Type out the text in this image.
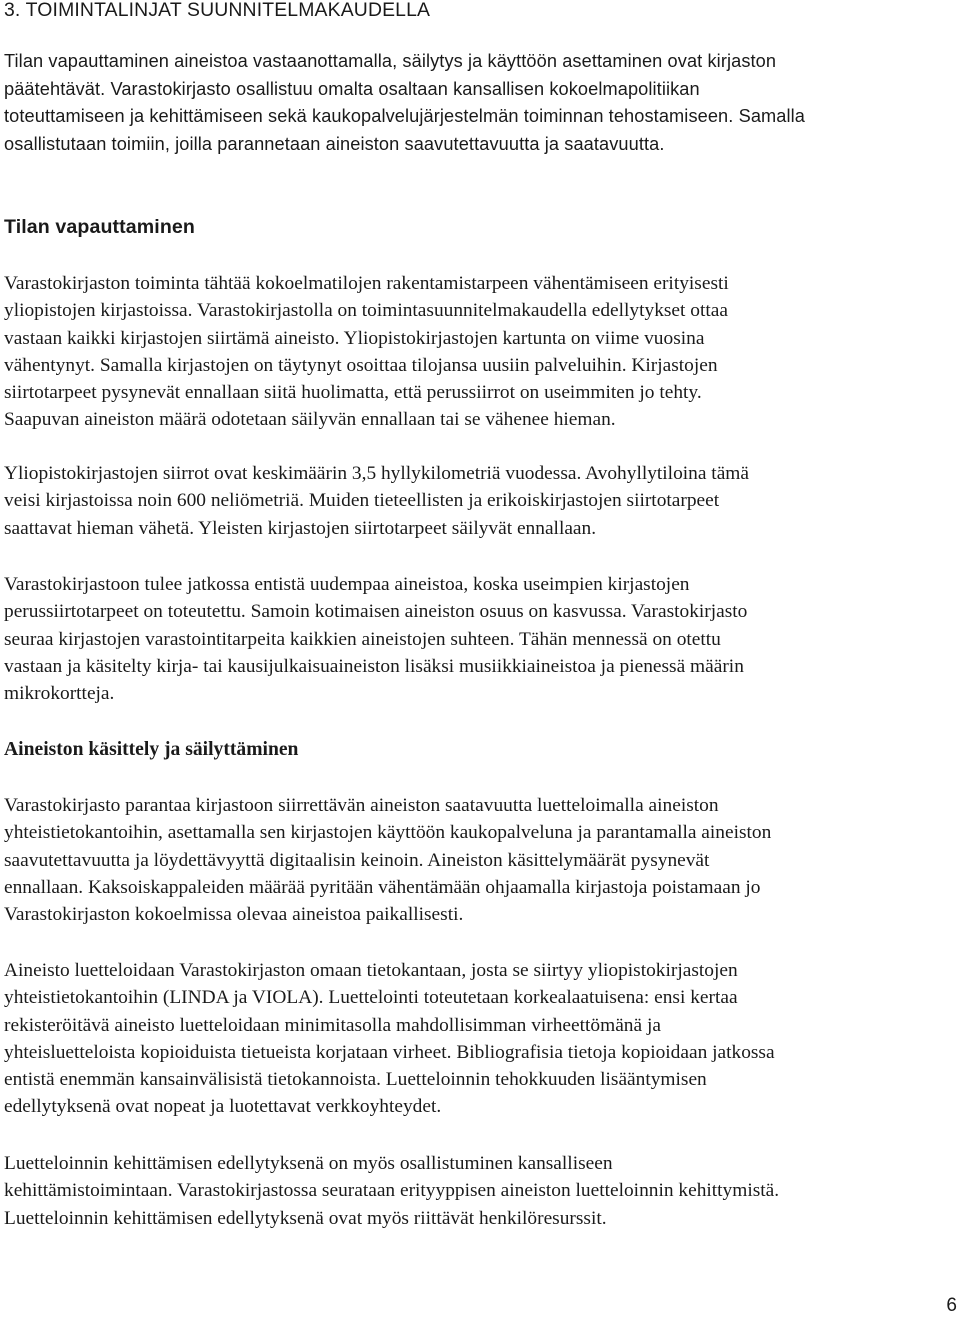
3. TOIMINTALINJAT SUUNNITELMAKAUDELLA

Tilan vapauttaminen aineistoa vastaanottamalla, säilytys ja käyttöön asettaminen ovat kirjaston
päätehtävät. Varastokirjasto osallistuu omalta osaltaan kansallisen kokoelmapolitiikan
toteuttamiseen ja kehittämiseen sekä kaukopalvelujärjestelmän toiminnan tehostamiseen. Samalla
osallistutaan toimiin, joilla parannetaan aineiston saavutettavuutta ja saatavuutta.

Tilan vapauttaminen

Varastokirjaston toiminta tähtää kokoelmatilojen rakentamistarpeen vähentämiseen erityisesti
yliopistojen kirjastoissa. Varastokirjastolla on toimintasuunnitelmakaudella edellytykset ottaa
vastaan kaikki kirjastojen siirtämä aineisto. Yliopistokirjastojen kartunta on viime vuosina
vähentynyt. Samalla kirjastojen on täytynyt osoittaa tilojansa uusiin palveluihin. Kirjastojen
siirtotarpeet pysynevät ennallaan siitä huolimatta, että perussiirrot on useimmiten jo tehty.
Saapuvan aineiston määrä odotetaan säilyvän ennallaan tai se vähenee hieman.

Yliopistokirjastojen siirrot ovat keskimäärin 3,5 hyllykilometriä vuodessa. Avohyllytiloina tämä
veisi kirjastoissa noin 600 neliömetriä. Muiden tieteellisten ja erikoiskirjastojen siirtotarpeet
saattavat hieman vähetä. Yleisten kirjastojen siirtotarpeet säilyvät ennallaan.

Varastokirjastoon tulee jatkossa entistä uudempaa aineistoa, koska useimpien kirjastojen
perussiirtotarpeet on toteutettu. Samoin kotimaisen aineiston osuus on kasvussa. Varastokirjasto
seuraa kirjastojen varastointitarpeita kaikkien aineistojen suhteen. Tähän mennessä on otettu
vastaan ja käsitelty kirja- tai kausijulkaisuaineiston lisäksi musiikkiaineistoa ja pienessä määrin
mikrokortteja.

Aineiston käsittely ja säilyttäminen

Varastokirjasto parantaa kirjastoon siirrettävän aineiston saatavuutta luetteloimalla aineiston
yhteistietokantoihin, asettamalla sen kirjastojen käyttöön kaukopalveluna ja parantamalla aineiston
saavutettavuutta ja löydettävyyttä digitaalisin keinoin. Aineiston käsittelymäärät pysynevät
ennallaan. Kaksoiskappaleiden määrää pyritään vähentämään ohjaamalla kirjastoja poistamaan jo
Varastokirjaston kokoelmissa olevaa aineistoa paikallisesti.

Aineisto luetteloidaan Varastokirjaston omaan tietokantaan, josta se siirtyy yliopistokirjastojen
yhteistietokantoihin (LINDA ja VIOLA). Luettelointi toteutetaan korkealaatuisena: ensi kertaa
rekisteröitävä aineisto luetteloidaan minimitasolla mahdollisimman virheettömänä ja
yhteisluetteloista kopioiduista tietueista korjataan virheet. Bibliografisia tietoja kopioidaan jatkossa
entistä enemmän kansainvälisistä tietokannoista. Luetteloinnin tehokkuuden lisääntymisen
edellytyksenä ovat nopeat ja luotettavat verkkoyhteydet.

Luetteloinnin kehittämisen edellytyksenä on myös osallistuminen kansalliseen
kehittämistoimintaan. Varastokirjastossa seurataan erityyppisen aineiston luetteloinnin kehittymistä.
Luetteloinnin kehittämisen edellytyksenä ovat myös riittävät henkilöresurssit.

6
